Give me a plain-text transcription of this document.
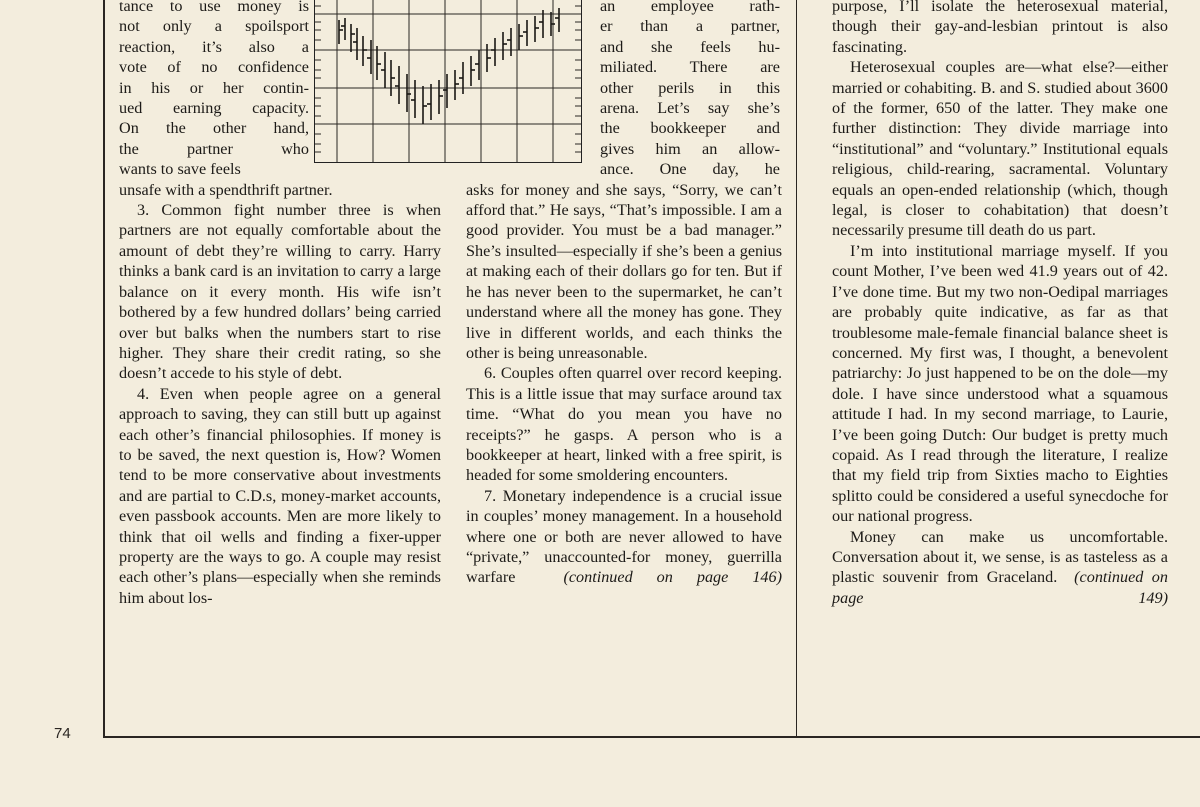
tance to use money is
not only a spoilsport
reaction, it’s also a
vote of no confidence
in his or her contin-
ued earning capacity.
On the other hand,
the partner who
wants to save feels

unsafe with a spendthrift partner.

3. Common fight number three is when partners are not equally comfortable about the amount of debt they’re willing to carry. Harry thinks a bank card is an invitation to carry a large balance on it every month. His wife isn’t bothered by a few hundred dollars’ being carried over but balks when the numbers start to rise higher. They share their credit rating, so she doesn’t accede to his style of debt.

4. Even when people agree on a general approach to saving, they can still butt up against each other’s financial philosophies. If money is to be saved, the next question is, How? Women tend to be more conservative about investments and are partial to C.D.s, money-market accounts, even passbook accounts. Men are more likely to think that oil wells and finding a fixer-upper property are the ways to go. A couple may resist each other’s plans—especially when she reminds him about los-

an employee rath-
er than a partner,
and she feels hu-
miliated. There are
other perils in this
arena. Let’s say she’s
the bookkeeper and
gives him an allow-
ance. One day, he

asks for money and she says, “Sorry, we can’t afford that.” He says, “That’s impossible. I am a good provider. You must be a bad manager.” She’s insulted—especially if she’s been a genius at making each of their dollars go for ten. But if he has never been to the supermarket, he can’t understand where all the money has gone. They live in different worlds, and each thinks the other is being unreasonable.

6. Couples often quarrel over record keeping. This is a little issue that may surface around tax time. “What do you mean you have no receipts?” he gasps. A person who is a bookkeeper at heart, linked with a free spirit, is headed for some smoldering encounters.

7. Monetary independence is a crucial issue in couples’ money management. In a household where one or both are never allowed to have “private,” unaccounted-for money, guerrilla warfare	(continued on page 146)

purpose, I’ll isolate the heterosexual material, though their gay-and-lesbian printout is also fascinating.

Heterosexual couples are—what else?—either married or cohabiting. B. and S. studied about 3600 of the former, 650 of the latter. They make one further distinction: They divide marriage into “institutional” and “voluntary.” Institutional equals religious, child-rearing, sacramental. Voluntary equals an open-ended relationship (which, though legal, is closer to cohabitation) that doesn’t necessarily presume till death do us part.

I’m into institutional marriage myself. If you count Mother, I’ve been wed 41.9 years out of 42. I’ve done time. But my two non-Oedipal marriages are probably quite indicative, as far as that troublesome male-female financial balance sheet is concerned. My first was, I thought, a benevolent patriarchy: Jo just happened to be on the dole—my dole. I have since understood what a squamous attitude I had. In my second marriage, to Laurie, I’ve been going Dutch: Our budget is pretty much copaid. As I read through the literature, I realize that my field trip from Sixties macho to Eighties splitto could be considered a useful synecdoche for our national progress.

Money can make us uncomfortable. Conversation about it, we sense, is as tasteless as a plastic souvenir from Graceland. (continued on page 149)

74
